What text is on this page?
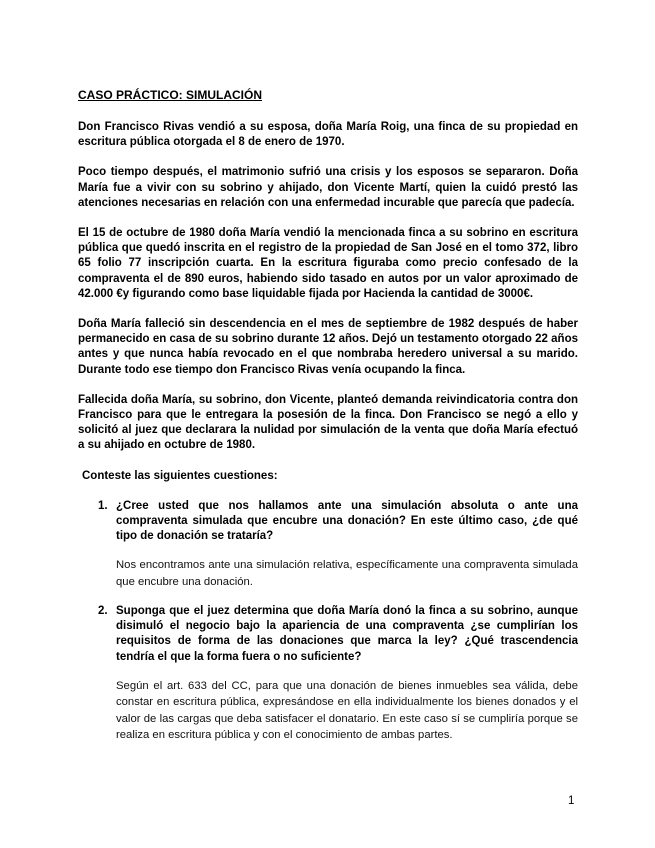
CASO PRÁCTICO: SIMULACIÓN

Don Francisco Rivas vendió a su esposa, doña María Roig, una finca de su propiedad en escritura pública otorgada el 8 de enero de 1970.

Poco tiempo después, el matrimonio sufrió una crisis y los esposos se separaron. Doña María fue a vivir con su sobrino y ahijado, don Vicente Martí, quien la cuidó prestó las atenciones necesarias en relación con una enfermedad incurable que parecía que padecía.

El 15 de octubre de 1980 doña María vendió la mencionada finca a su sobrino en escritura pública que quedó inscrita en el registro de la propiedad de San José en el tomo 372, libro 65 folio 77 inscripción cuarta. En la escritura figuraba como precio confesado de la compraventa el de 890 euros, habiendo sido tasado en autos por un valor aproximado de 42.000 €y figurando como base liquidable fijada por Hacienda la cantidad de 3000€.

Doña María falleció sin descendencia en el mes de septiembre de 1982 después de haber permanecido en casa de su sobrino durante 12 años. Dejó un testamento otorgado 22 años antes y que nunca había revocado en el que nombraba heredero universal a su marido. Durante todo ese tiempo don Francisco Rivas venía ocupando la finca.

Fallecida doña María, su sobrino, don Vicente, planteó demanda reivindicatoria contra don Francisco para que le entregara la posesión de la finca. Don Francisco se negó a ello y solicitó al juez que declarara la nulidad por simulación de la venta que doña María efectuó a su ahijado en octubre de 1980.

Conteste las siguientes cuestiones:
1. ¿Cree usted que nos hallamos ante una simulación absoluta o ante una compraventa simulada que encubre una donación? En este último caso, ¿de qué tipo de donación se trataría?
Nos encontramos ante una simulación relativa, específicamente una compraventa simulada que encubre una donación.
2. Suponga que el juez determina que doña María donó la finca a su sobrino, aunque disimuló el negocio bajo la apariencia de una compraventa ¿se cumplirían los requisitos de forma de las donaciones que marca la ley? ¿Qué trascendencia tendría el que la forma fuera o no suficiente?
Según el art. 633 del CC, para que una donación de bienes inmuebles sea válida, debe constar en escritura pública, expresándose en ella individualmente los bienes donados y el valor de las cargas que deba satisfacer el donatario. En este caso sí se cumpliría porque se realiza en escritura pública y con el conocimiento de ambas partes.
1
